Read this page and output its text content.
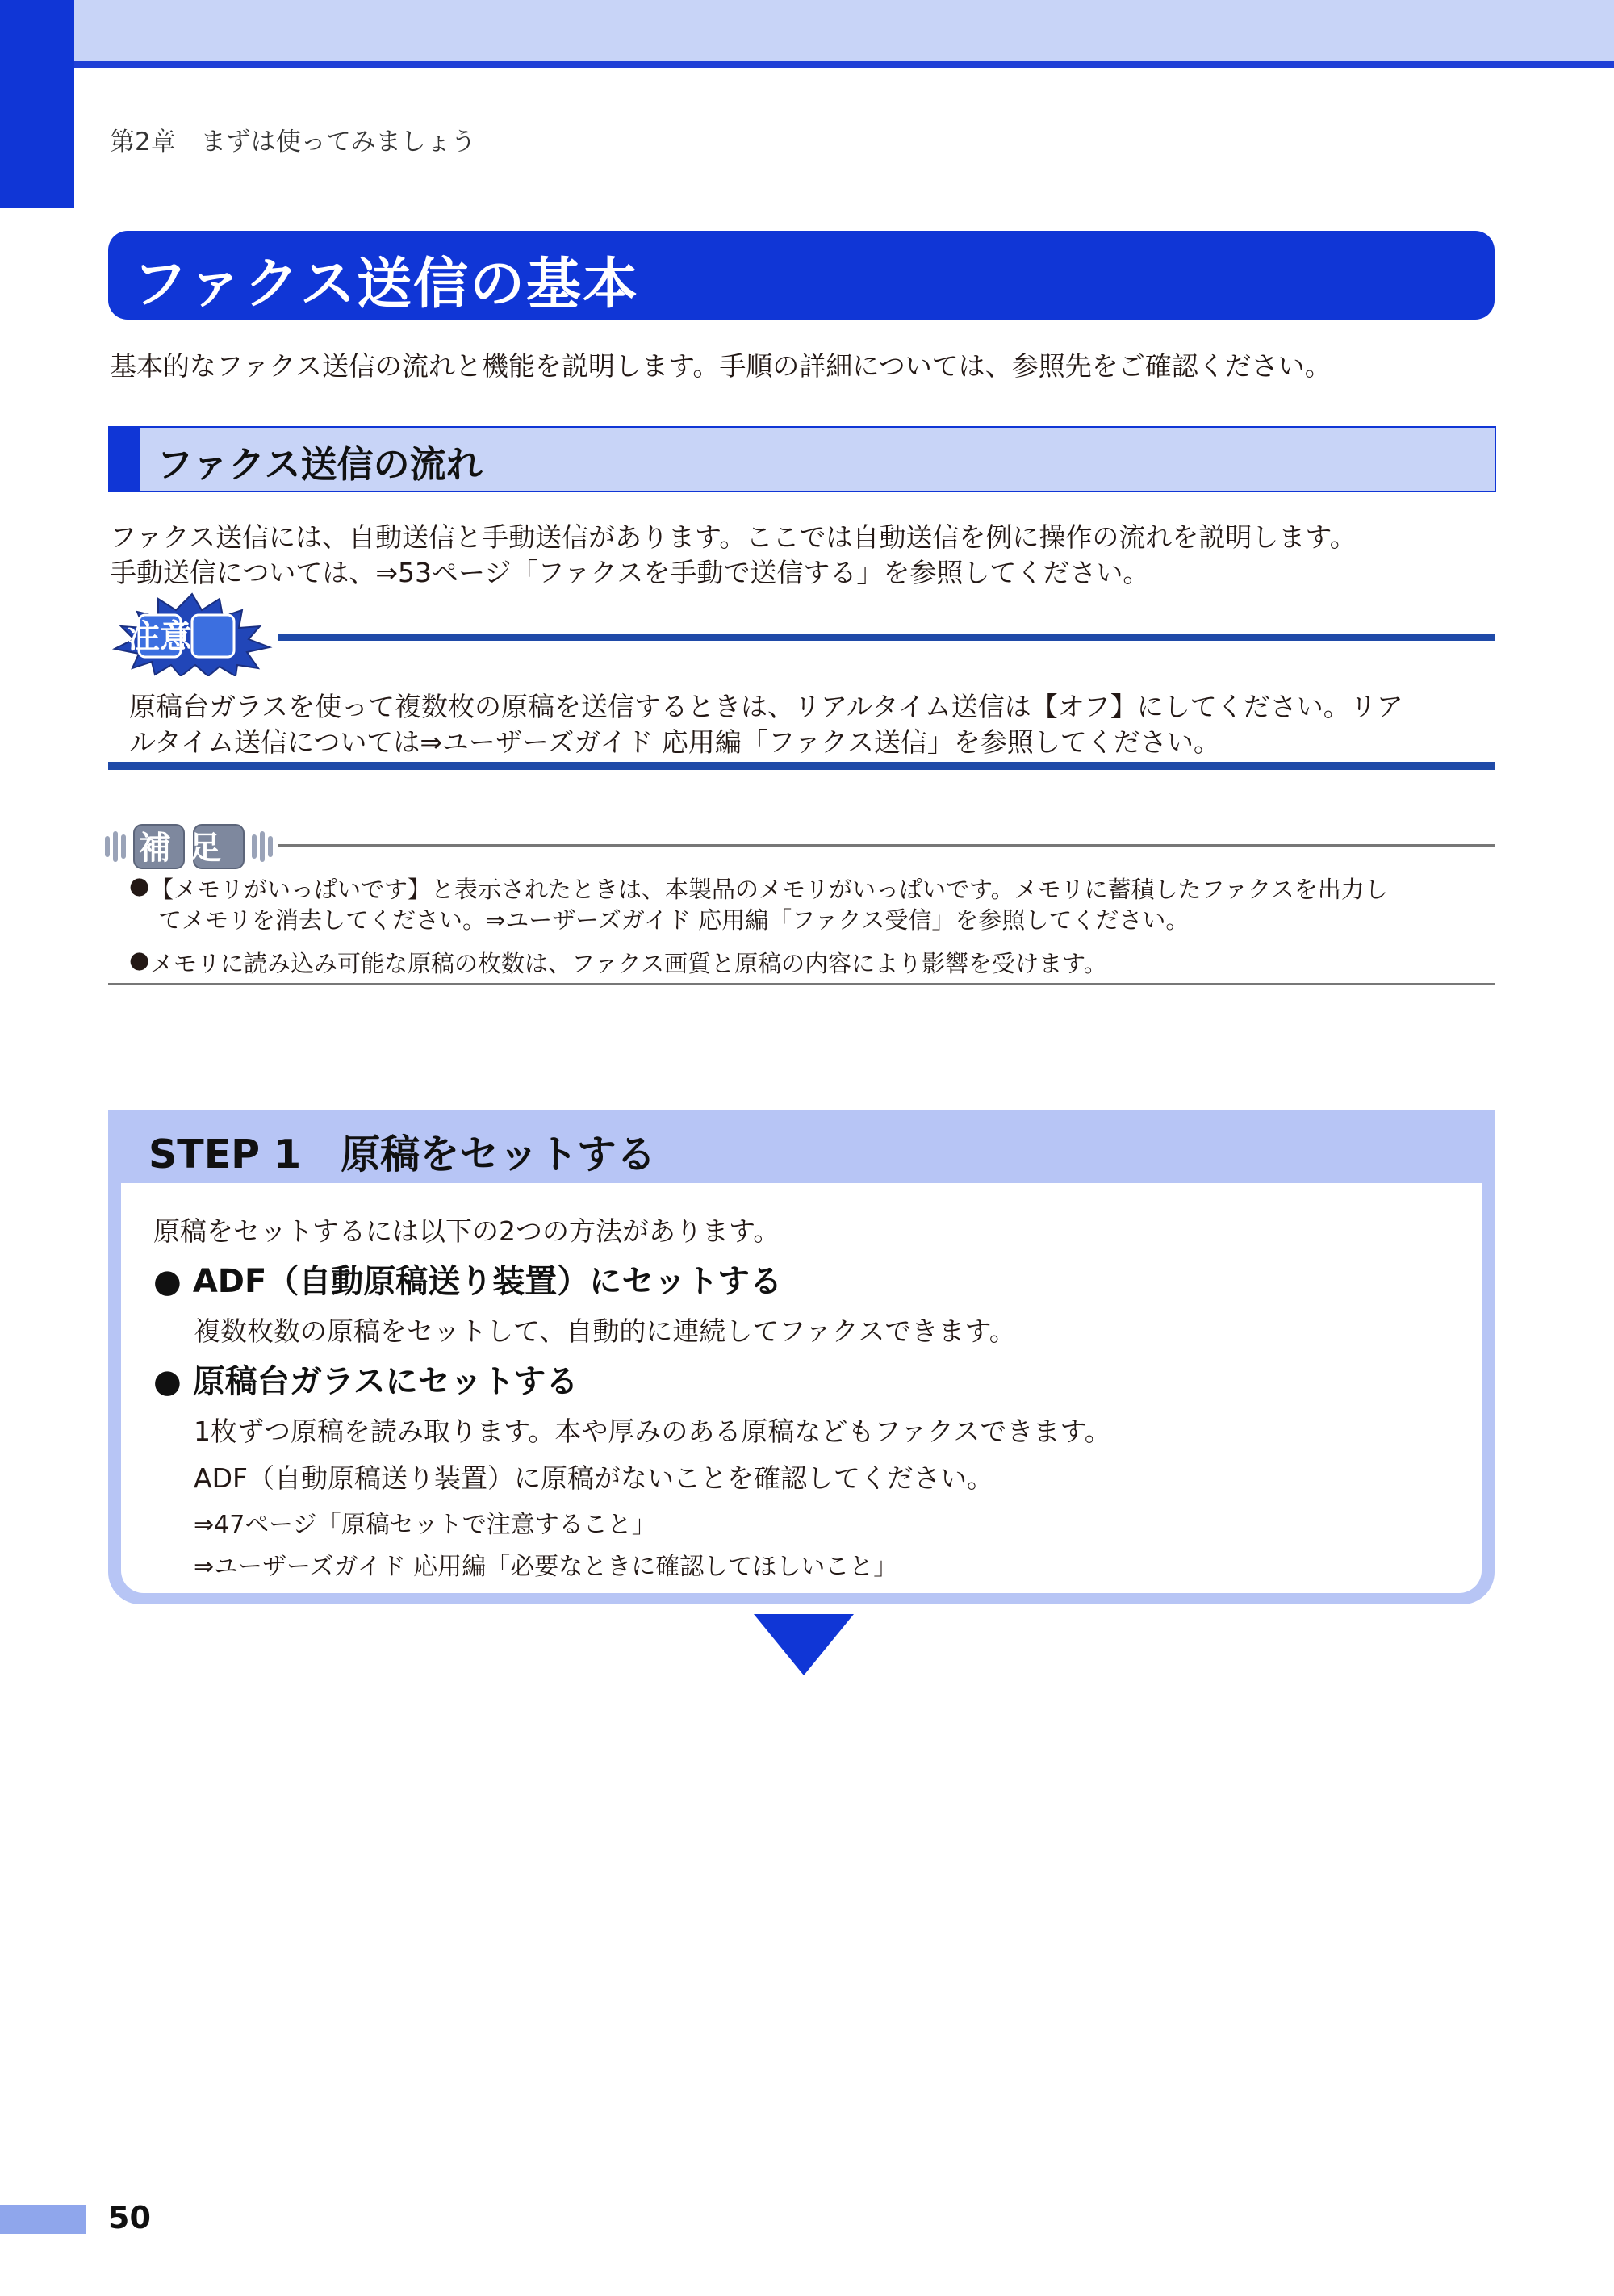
第2章　まずは使ってみましょう
ファクス送信の基本
基本的なファクス送信の流れと機能を説明します。手順の詳細については、参照先をご確認ください。
ファクス送信の流れ
ファクス送信には、自動送信と手動送信があります。ここでは自動送信を例に操作の流れを説明します。
手動送信については、⇒53ページ「ファクスを手動で送信する」を参照してください。
注意
原稿台ガラスを使って複数枚の原稿を送信するときは、リアルタイム送信は【オフ】にしてください。リア
ルタイム送信については⇒ユーザーズガイド 応用編「ファクス送信」を参照してください。
補足
● 【メモリがいっぱいです】と表示されたときは、本製品のメモリがいっぱいです。メモリに蓄積したファクスを出力し
てメモリを消去してください。⇒ユーザーズガイド 応用編「ファクス受信」を参照してください。
● メモリに読み込み可能な原稿の枚数は、ファクス画質と原稿の内容により影響を受けます。
STEP 1　原稿をセットする
原稿をセットするには以下の2つの方法があります。
● ADF（自動原稿送り装置）にセットする
複数枚数の原稿をセットして、自動的に連続してファクスできます。
● 原稿台ガラスにセットする
1枚ずつ原稿を読み取ります。本や厚みのある原稿などもファクスできます。
ADF（自動原稿送り装置）に原稿がないことを確認してください。
⇒47ページ「原稿セットで注意すること」
⇒ユーザーズガイド 応用編「必要なときに確認してほしいこと」
50
